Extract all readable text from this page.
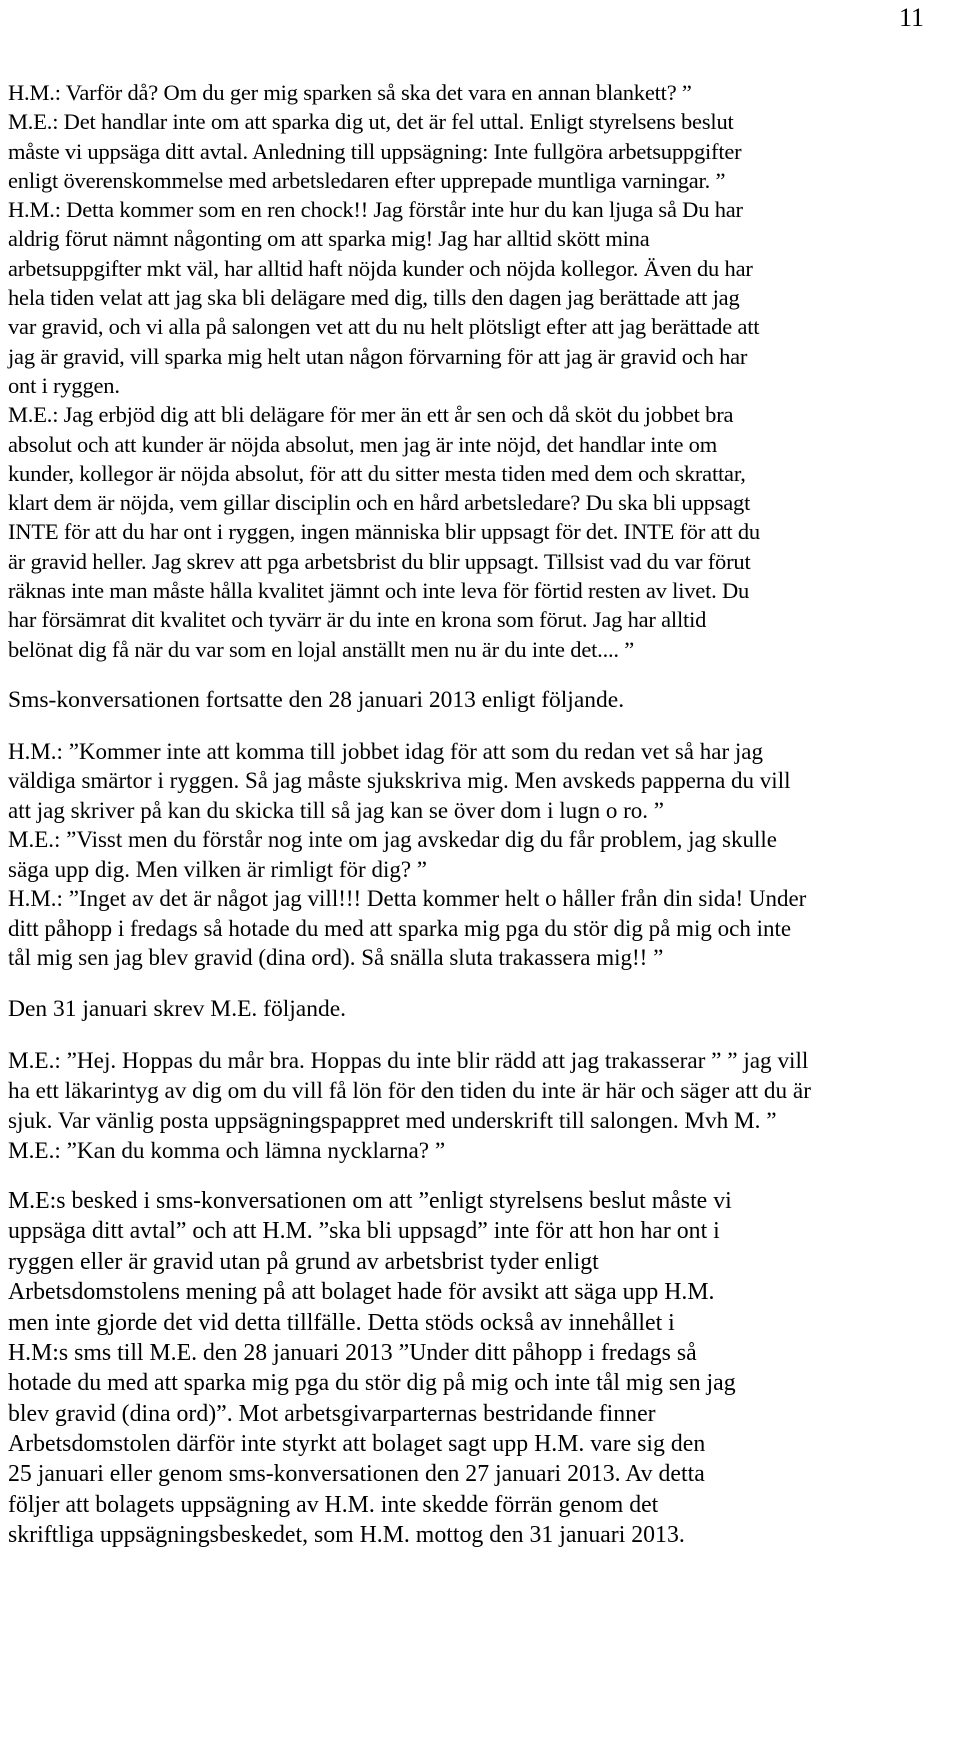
11
H.M.: Varför då? Om du ger mig sparken så ska det vara en annan blankett? ”
M.E.: Det handlar inte om att sparka dig ut, det är fel uttal. Enligt styrelsens beslut
måste vi uppsäga ditt avtal. Anledning till uppsägning: Inte fullgöra arbetsuppgifter
enligt överenskommelse med arbetsledaren efter upprepade muntliga varningar. ”
H.M.: Detta kommer som en ren chock!! Jag förstår inte hur du kan ljuga så Du har
aldrig förut nämnt någonting om att sparka mig! Jag har alltid skött mina
arbetsuppgifter mkt väl, har alltid haft nöjda kunder och nöjda kollegor. Även du har
hela tiden velat att jag ska bli delägare med dig, tills den dagen jag berättade att jag
var gravid, och vi alla på salongen vet att du nu helt plötsligt efter att jag berättade att
jag är gravid, vill sparka mig helt utan någon förvarning för att jag är gravid och har
ont i ryggen.
M.E.: Jag erbjöd dig att bli delägare för mer än ett år sen och då sköt du jobbet bra
absolut och att kunder är nöjda absolut, men jag är inte nöjd, det handlar inte om
kunder, kollegor är nöjda absolut, för att du sitter mesta tiden med dem och skrattar,
klart dem är nöjda, vem gillar disciplin och en hård arbetsledare? Du ska bli uppsagt
INTE för att du har ont i ryggen, ingen människa blir uppsagt för det. INTE för att du
är gravid heller. Jag skrev att pga arbetsbrist du blir uppsagt. Tillsist vad du var förut
räknas inte man måste hålla kvalitet jämnt och inte leva för förtid resten av livet. Du
har försämrat dit kvalitet och tyvärr är du inte en krona som förut. Jag har alltid
belönat dig få när du var som en lojal anställt men nu är du inte det.... ”
Sms-konversationen fortsatte den 28 januari 2013 enligt följande.
H.M.: ”Kommer inte att komma till jobbet idag för att som du redan vet så har jag
väldiga smärtor i ryggen. Så jag måste sjukskriva mig. Men avskeds papperna du vill
att jag skriver på kan du skicka till så jag kan se över dom i lugn o ro. ”
M.E.: ”Visst men du förstår nog inte om jag avskedar dig du får problem, jag skulle
säga upp dig. Men vilken är rimligt för dig? ”
H.M.: ”Inget av det är något jag vill!!! Detta kommer helt o håller från din sida! Under
ditt påhopp i fredags så hotade du med att sparka mig pga du stör dig på mig och inte
tål mig sen jag blev gravid (dina ord). Så snälla sluta trakassera mig!! ”
Den 31 januari skrev M.E. följande.
M.E.: ”Hej. Hoppas du mår bra. Hoppas du inte blir rädd att jag trakasserar ” ” jag vill
ha ett läkarintyg av dig om du vill få lön för den tiden du inte är här och säger att du är
sjuk. Var vänlig posta uppsägningspappret med underskrift till salongen. Mvh M. ”
M.E.: ”Kan du komma och lämna nycklarna? ”
M.E:s besked i sms-konversationen om att ”enligt styrelsens beslut måste vi
uppsäga ditt avtal” och att H.M. ”ska bli uppsagd” inte för att hon har ont i
ryggen eller är gravid utan på grund av arbetsbrist tyder enligt
Arbetsdomstolens mening på att bolaget hade för avsikt att säga upp H.M.
men inte gjorde det vid detta tillfälle. Detta stöds också av innehållet i
H.M:s sms till M.E. den 28 januari 2013 ”Under ditt påhopp i fredags så
hotade du med att sparka mig pga du stör dig på mig och inte tål mig sen jag
blev gravid (dina ord)”. Mot arbetsgivarparternas bestridande finner
Arbetsdomstolen därför inte styrkt att bolaget sagt upp H.M. vare sig den
25 januari eller genom sms-konversationen den 27 januari 2013. Av detta
följer att bolagets uppsägning av H.M. inte skedde förrän genom det
skriftliga uppsägningsbeskedet, som H.M. mottog den 31 januari 2013.
